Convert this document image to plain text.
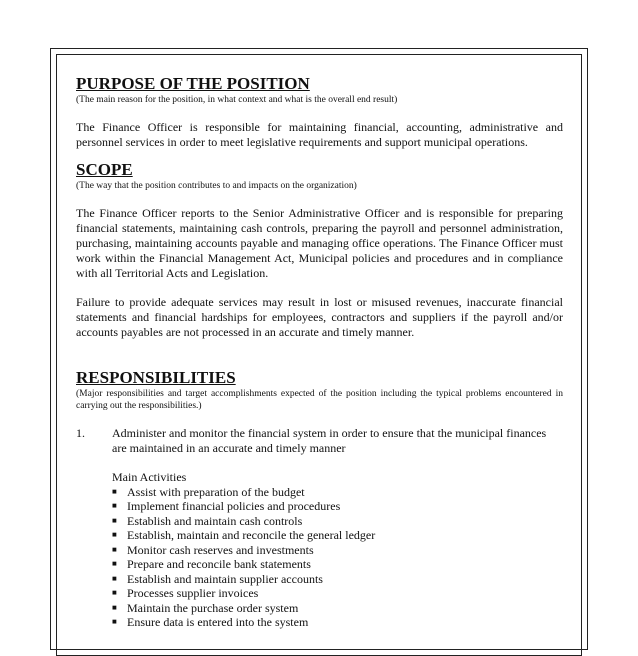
PURPOSE OF THE POSITION
(The main reason for the position, in what context and what is the overall end result)

The Finance Officer is responsible for maintaining financial, accounting, administrative and personnel services in order to meet legislative requirements and support municipal operations.

SCOPE
(The way that the position contributes to and impacts on the organization)

The Finance Officer reports to the Senior Administrative Officer and is responsible for preparing financial statements, maintaining cash controls, preparing the payroll and personnel administration, purchasing, maintaining accounts payable and managing office operations. The Finance Officer must work within the Financial Management Act, Municipal policies and procedures and in compliance with all Territorial Acts and Legislation.

Failure to provide adequate services may result in lost or misused revenues, inaccurate financial statements and financial hardships for employees, contractors and suppliers if the payroll and/or accounts payables are not processed in an accurate and timely manner.

RESPONSIBILITIES
(Major responsibilities and target accomplishments expected of the position including the typical problems encountered in carrying out the responsibilities.)
1.	Administer and monitor the financial system in order to ensure that the municipal finances are maintained in an accurate and timely manner
Main Activities
■ Assist with preparation of the budget
■ Implement financial policies and procedures
■ Establish and maintain cash controls
■ Establish, maintain and reconcile the general ledger
■ Monitor cash reserves and investments
■ Prepare and reconcile bank statements
■ Establish and maintain supplier accounts
■ Processes supplier invoices
■ Maintain the purchase order system
■ Ensure data is entered into the system
